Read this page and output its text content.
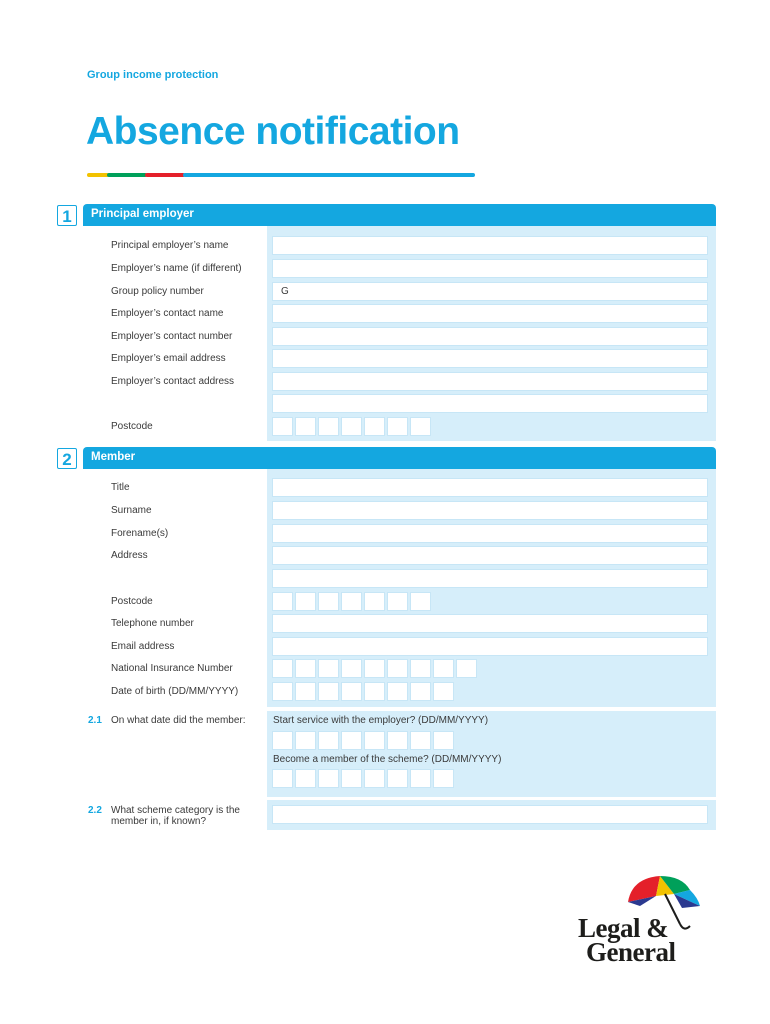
Group income protection
Absence notification
1	Principal employer
Principal employer’s name
Employer’s name (if different)
Group policy number	G
Employer’s contact name
Employer’s contact number
Employer’s email address
Employer’s contact address
Postcode
2	Member
Title
Surname
Forename(s)
Address
Postcode
Telephone number
Email address
National Insurance Number
Date of birth (DD/MM/YYYY)
2.1 On what date did the member:	Start service with the employer? (DD/MM/YYYY)
Become a member of the scheme? (DD/MM/YYYY)
2.2 What scheme category is the
member in, if known?
Legal &
General
